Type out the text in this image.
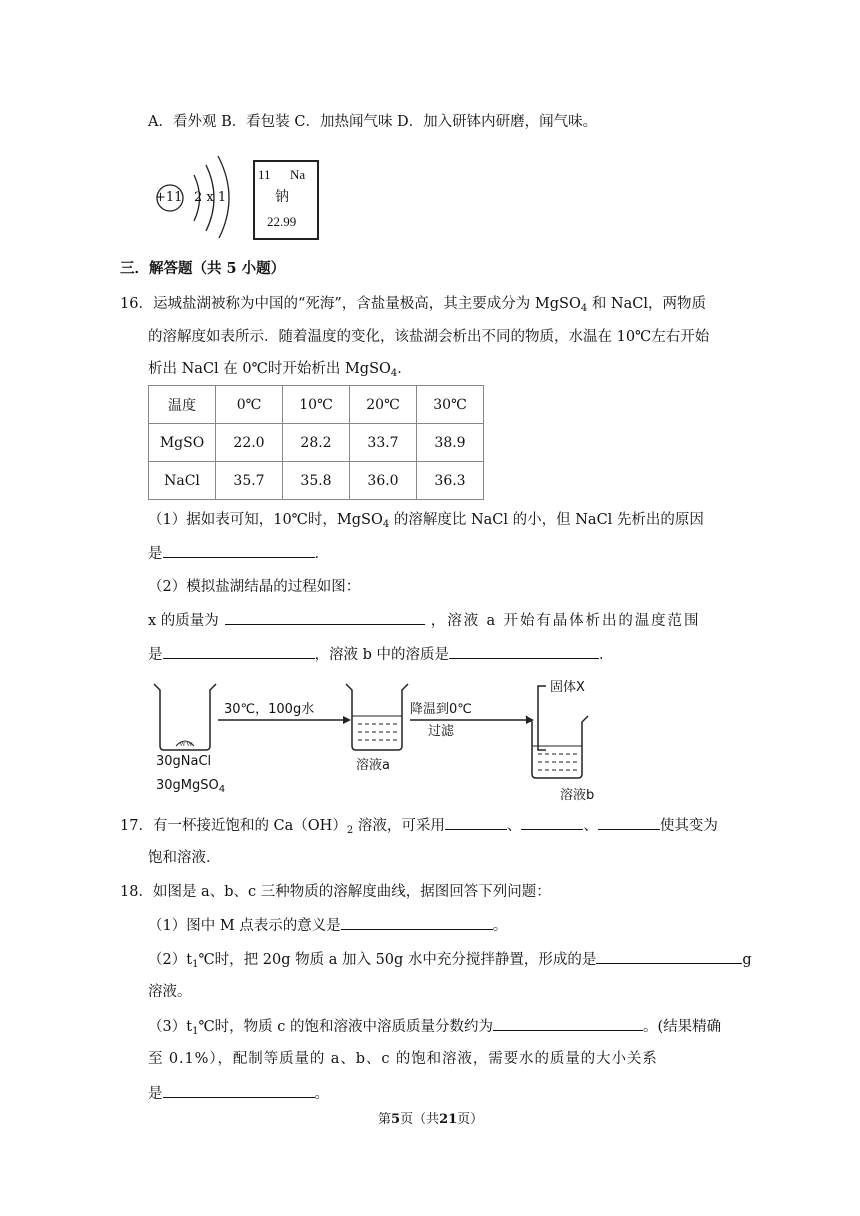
A．看外观 B．看包装 C．加热闻气味 D．加入研钵内研磨，闻气味。
+11 2 x 1
11 Na
钠
22.99
三．解答题（共 5 小题）
16．运城盐湖被称为中国的“死海”，含盐量极高，其主要成分为 MgSO$_4$ 和 NaCl，两物质
的溶解度如表所示．随着温度的变化，该盐湖会析出不同的物质，水温在 10℃左右开始
析出 NaCl 在 0℃时开始析出 MgSO$_4$．
温度	0℃	10℃	20℃	30℃
MgSO	22.0	28.2	33.7	38.9
NaCl	35.7	35.8	36.0	36.3
（1）据如表可知，10℃时，MgSO$_4$ 的溶解度比 NaCl 的小，但 NaCl 先析出的原因
是	．
（2）模拟盐湖结晶的过程如图：
x 的质量为	，溶液 a 开始有晶体析出的温度范围
是	，溶液 b 中的溶质是	．
ｗｗ
30℃，100g水	降温到0℃
过滤
固体X
30gNaCl
30gMgSO$_4$
溶液a
溶液b
17．有一杯接近饱和的 $Ca(OH)_2$ 溶液，可采用	、	、	使其变为
饱和溶液．
18．如图是 a、b、c 三种物质的溶解度曲线，据图回答下列问题：
（1）图中 M 点表示的意义是	。
$(2)t_1℃$时，把 20g 物质 a 加入 50g 水中充分搅拌静置，形成的是	g
溶液。
$(3)t_1℃$时，物质 c 的饱和溶液中溶质质量分数约为	。(结果精确
至 0.1%），配制等质量的 a、b、c 的饱和溶液，需要水的质量的大小关系
是	。
第5页（共21页）
